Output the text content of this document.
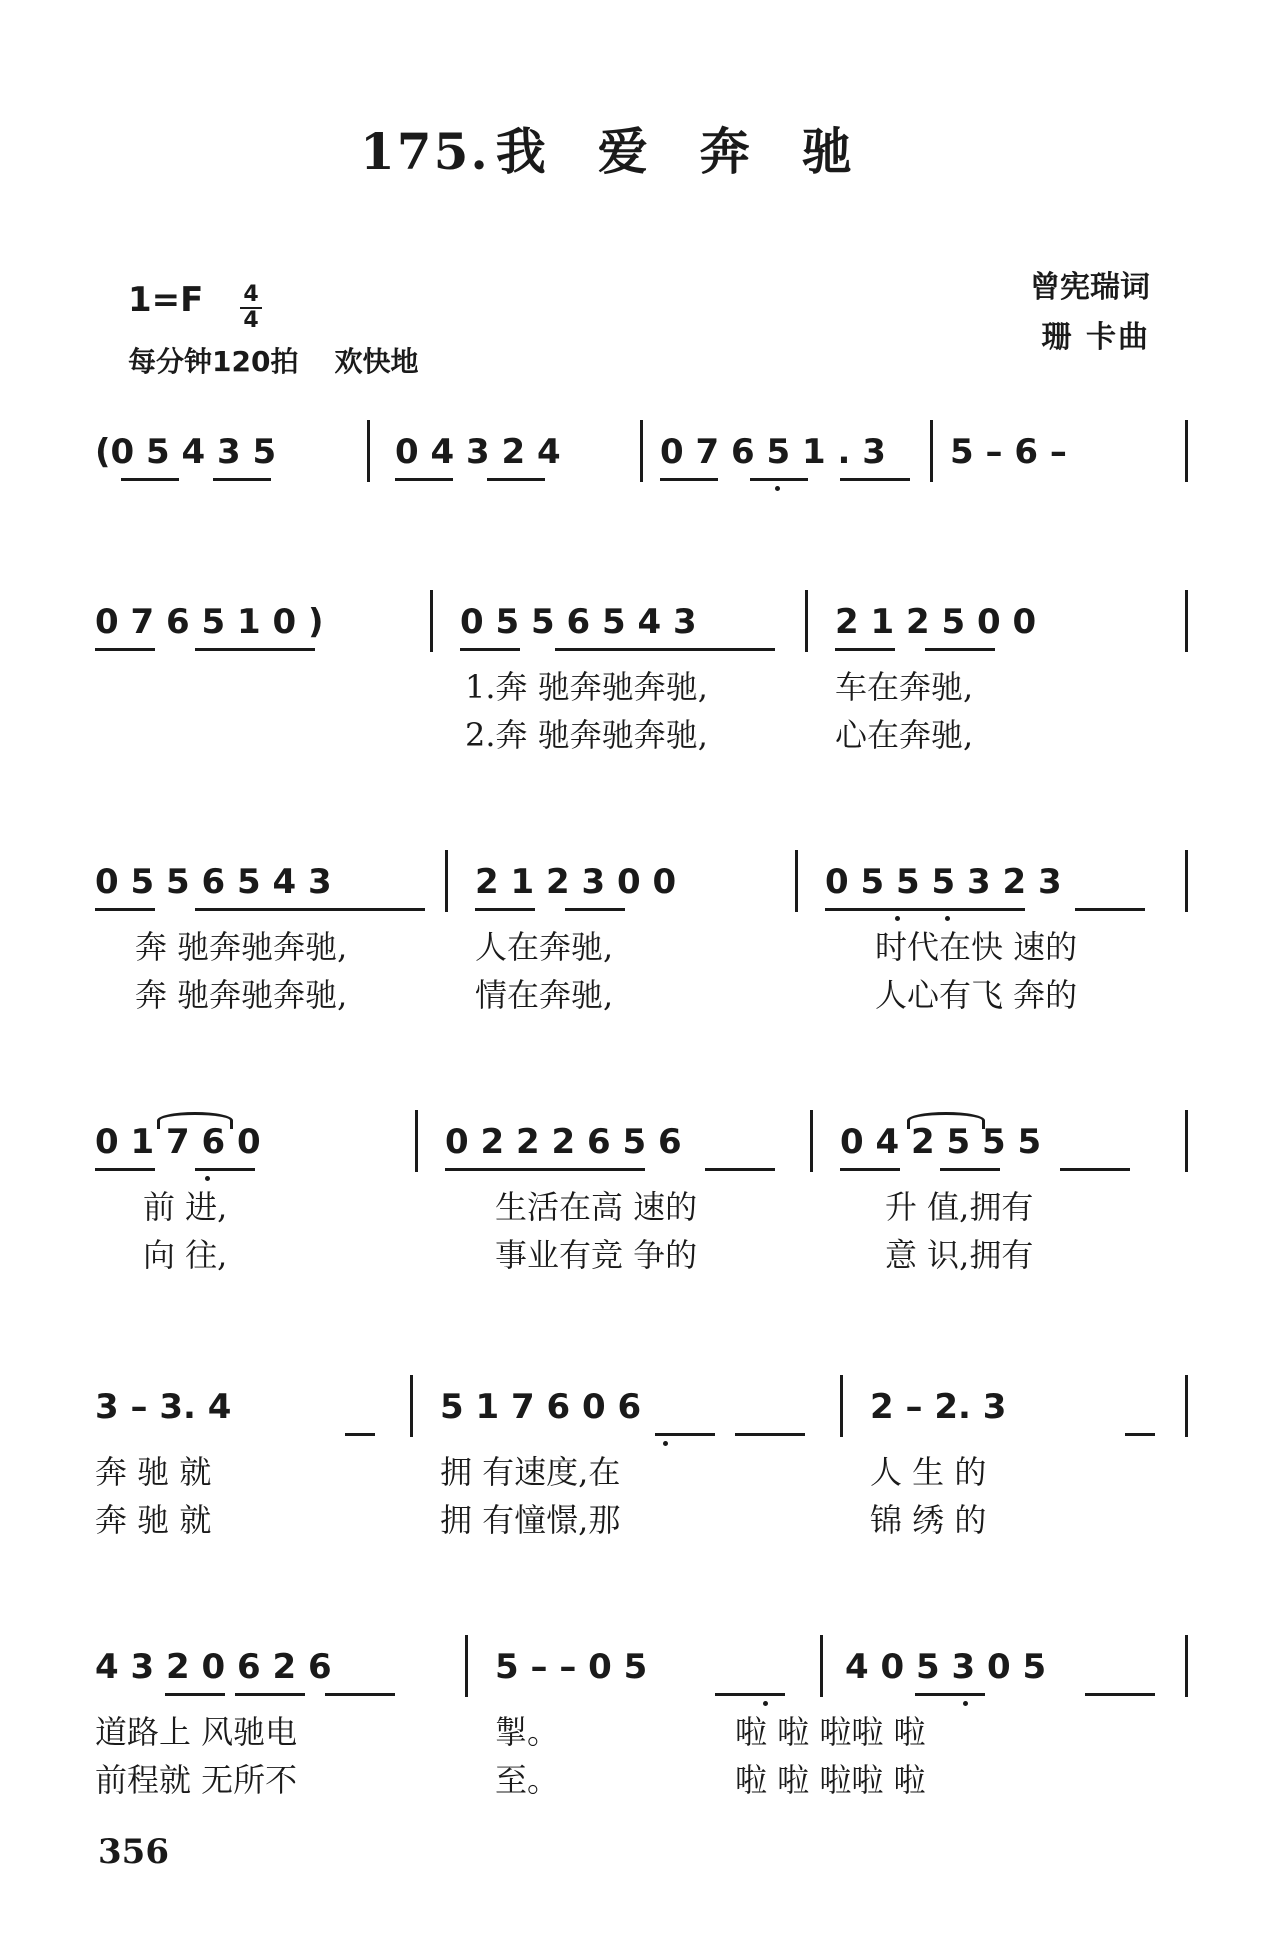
175. 我爱奔驰
1=F 4
4
每分钟120拍 欢快地
曾宪瑞词
珊 卡曲
(0 5 4 3 5	0 4 3 2 4	0 7 6 5 1 . 3 5 – 6 –
0 7 6 5 1 0 )	0 5 5 6 5 4 3	2 1 2 5 0 0
1.奔 驰奔驰奔驰,	车在奔驰,
2.奔 驰奔驰奔驰,	心在奔驰,
0 5 5 6 5 4 3	2 1 2 3 0 0	0 5 5 5 3 2 3
奔 驰奔驰奔驰,	人在奔驰,	时代在快 速的
奔 驰奔驰奔驰,	情在奔驰,	人心有飞 奔的
0 1 7 6 0	0 2 2 2 6 5 6	0 4 2 5 5 5
前 进,	生活在高 速的	升 值,拥有
向 往,	事业有竞 争的	意 识,拥有
3 – 3. 4	5 1 7 6 0 6	2 – 2. 3
奔 驰 就	拥 有速度,在	人 生 的
奔 驰 就	拥 有憧憬,那	锦 绣 的
4 3 2 0 6 2 6	5 – – 0 5	4 0 5 3 0 5
道路上 风驰电	掣。	啦 啦 啦啦 啦
前程就 无所不	至。	啦 啦 啦啦 啦
356
